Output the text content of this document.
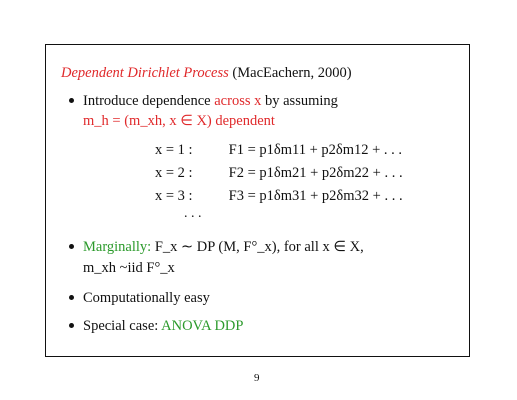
Dependent Dirichlet Process (MacEachern, 2000)
Introduce dependence across x by assuming
m_h = (m_xh, x ∈ X) dependent
x = 1 : F1 = p1δm11 + p2δm12 + . . .
x = 2 : F2 = p1δm21 + p2δm22 + . . .
x = 3 : F3 = p1δm31 + p2δm32 + . . .
. . .
Marginally: F_x ∼ DP (M, F°_x), for all x ∈ X,
m_xh ~iid F°_x
Computationally easy
Special case: ANOVA DDP
9
